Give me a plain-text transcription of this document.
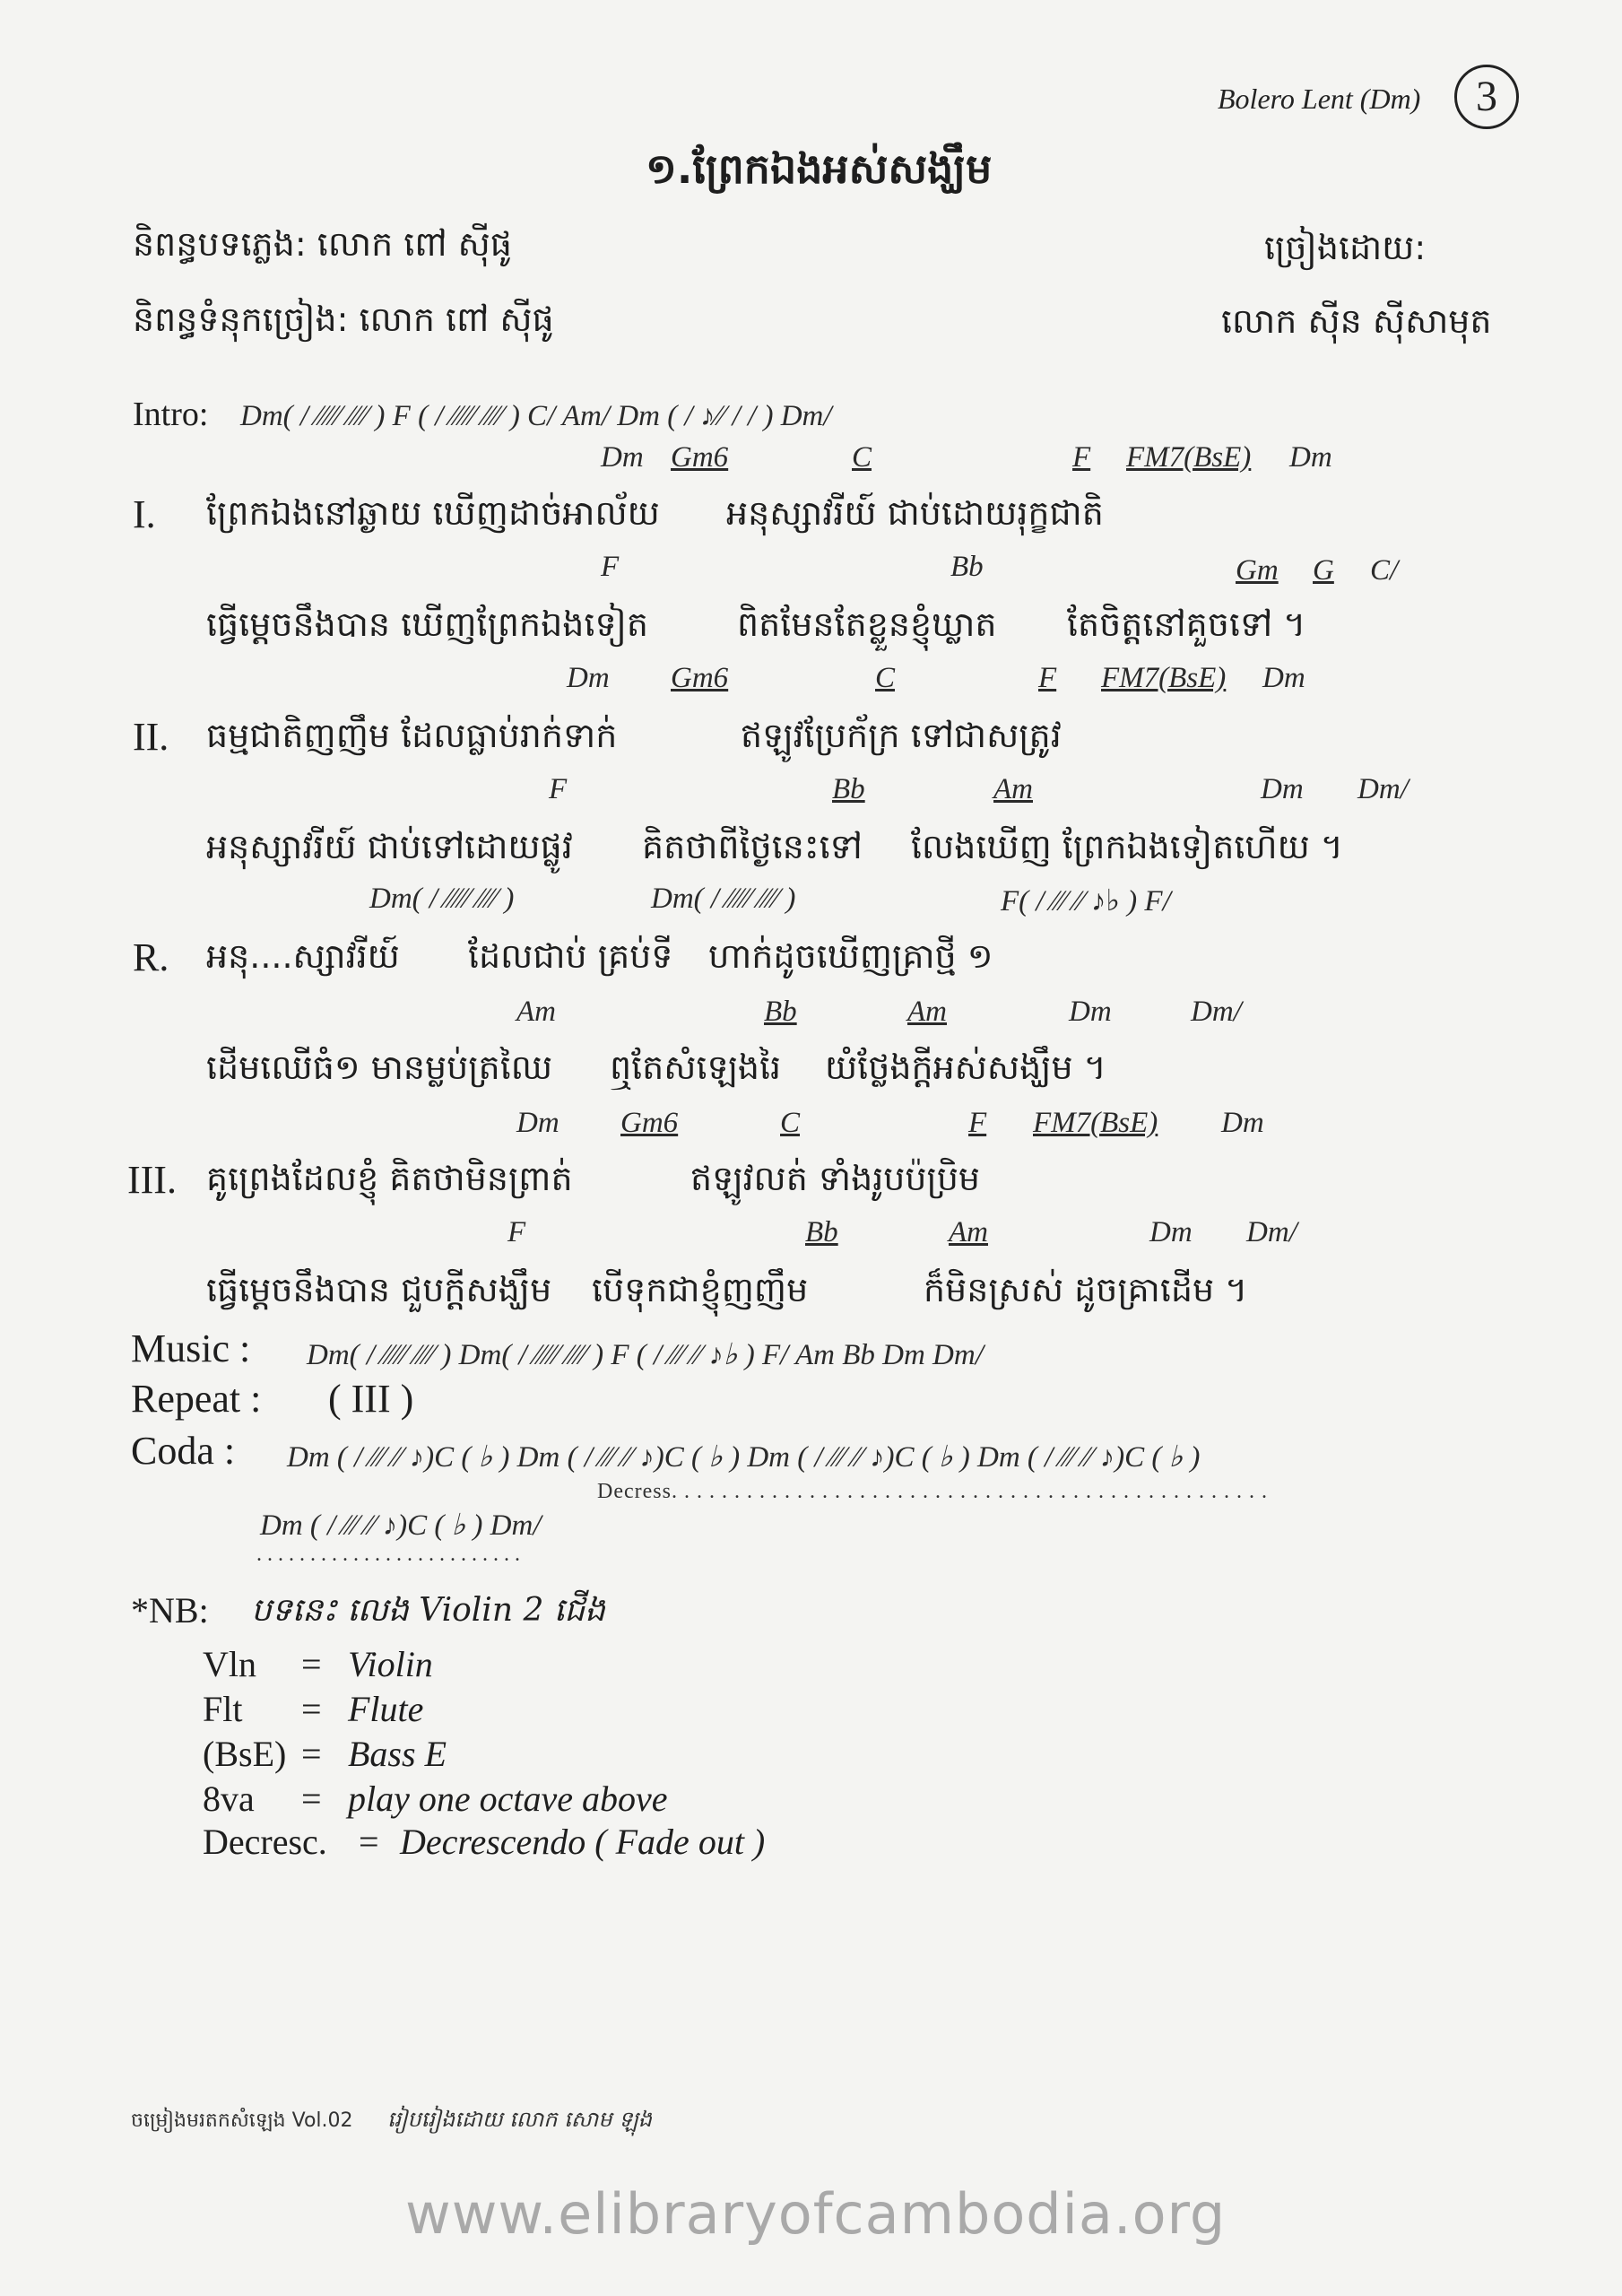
Bolero Lent (Dm)	3
១.ព្រែកឯងអស់សង្ឃឹម
និពន្ធបទភ្លេង: លោក ពៅ ស៊ីផូ
និពន្ធទំនុកច្រៀង: លោក ពៅ ស៊ីផូ
ច្រៀងដោយ:
លោក ស៊ីន ស៊ីសាមុត
Intro: Dm( / ∕∕∕∕∕ ⁄⁄⁄⁄ ) F ( / ∕∕∕∕∕ ⁄⁄⁄⁄ ) C/ Am/ Dm ( / ♪∕∕ / / ) Dm/
Dm Gm6	C	F FM7(BsE) Dm
I. ព្រែកឯងនៅឆ្ងាយ ឃើញដាច់អាល័យ អនុស្សាវរីយ៍ ជាប់ដោយរុក្ខជាតិ
F	Bb	Gm G C/
ធ្វើម្តេចនឹងបាន ឃើញព្រែកឯងទៀត	ពិតមែនតែខ្លួនខ្ញុំឃ្លាត តែចិត្តនៅគួចទៅ ។
Dm Gm6	C	F FM7(BsE) Dm
II. ធម្មជាតិញញឹម ដែលធ្លាប់រាក់ទាក់	ឥឡូវប្រែក័ក្រ ទៅជាសត្រូវ
F	Bb	Am	Dm Dm/
អនុស្សាវរីយ៍ ជាប់ទៅដោយផ្លូវ គិតថាពីថ្ងៃនេះទៅ លែងឃើញ ព្រែកឯងទៀតហើយ ។
Dm( / ∕∕∕∕∕ ⁄⁄⁄⁄ )	Dm( / ∕∕∕∕∕ ⁄⁄⁄⁄ )	F( / ∕∕∕ ⁄⁄ ♪♭ ) F/
R. អនុ....ស្សាវរីយ៍ ដែលជាប់ គ្រប់ទី ហាក់ដូចឃើញគ្រាថ្មី ១
Am	Bb	Am	Dm	Dm/
ដើមឈើធំ១ មានម្លប់ត្រឈៃ ឮតែសំឡេងរៃ យំថ្លែងក្តីអស់សង្ឃឹម ។
Dm Gm6	C	F FM7(BsE) Dm
III. គូព្រេងដែលខ្ញុំ គិតថាមិនព្រាត់	ឥឡូវលត់ ទាំងរូបប៉ប្រិម
F	Bb	Am	Dm Dm/
ធ្វើម្តេចនឹងបាន ជួបក្តីសង្ឃឹម បើទុកជាខ្ញុំញញឹម	ក៏មិនស្រស់ ដូចគ្រាដើម ។
Music : Dm( / ∕∕∕∕∕ ⁄⁄⁄⁄ ) Dm( / ∕∕∕∕∕ ⁄⁄⁄⁄ ) F ( / ∕∕∕ ⁄⁄ ♪♭ ) F/ Am Bb Dm Dm/
Repeat : ( III )
Coda : Dm ( / ∕∕∕ ⁄⁄ ♪)C ( ♭ ) Dm ( / ∕∕∕ ⁄⁄ ♪)C ( ♭ ) Dm ( / ∕∕∕ ⁄⁄ ♪)C ( ♭ ) Dm ( / ∕∕∕ ⁄⁄ ♪)C ( ♭ )
Decress. . . . . . . . . . . . . . . . . . . . . . . . . . . . . . . . . . . . . . . . . . . . . . . .
Dm ( / ∕∕∕ ⁄⁄ ♪)C ( ♭ ) Dm/
. . . . . . . . . . . . . . . . . . . . . . . . .
*NB: បទនេះ លេង Violin 2 ជើង
Vln = Violin
Flt = Flute
(BsE) = Bass E
8va = play one octave above
Decresc. = Decrescendo ( Fade out )
ចម្រៀងមរតកសំឡេង Vol.02 រៀបរៀងដោយ លោក សោម ឡុង
www.elibraryofcambodia.org
